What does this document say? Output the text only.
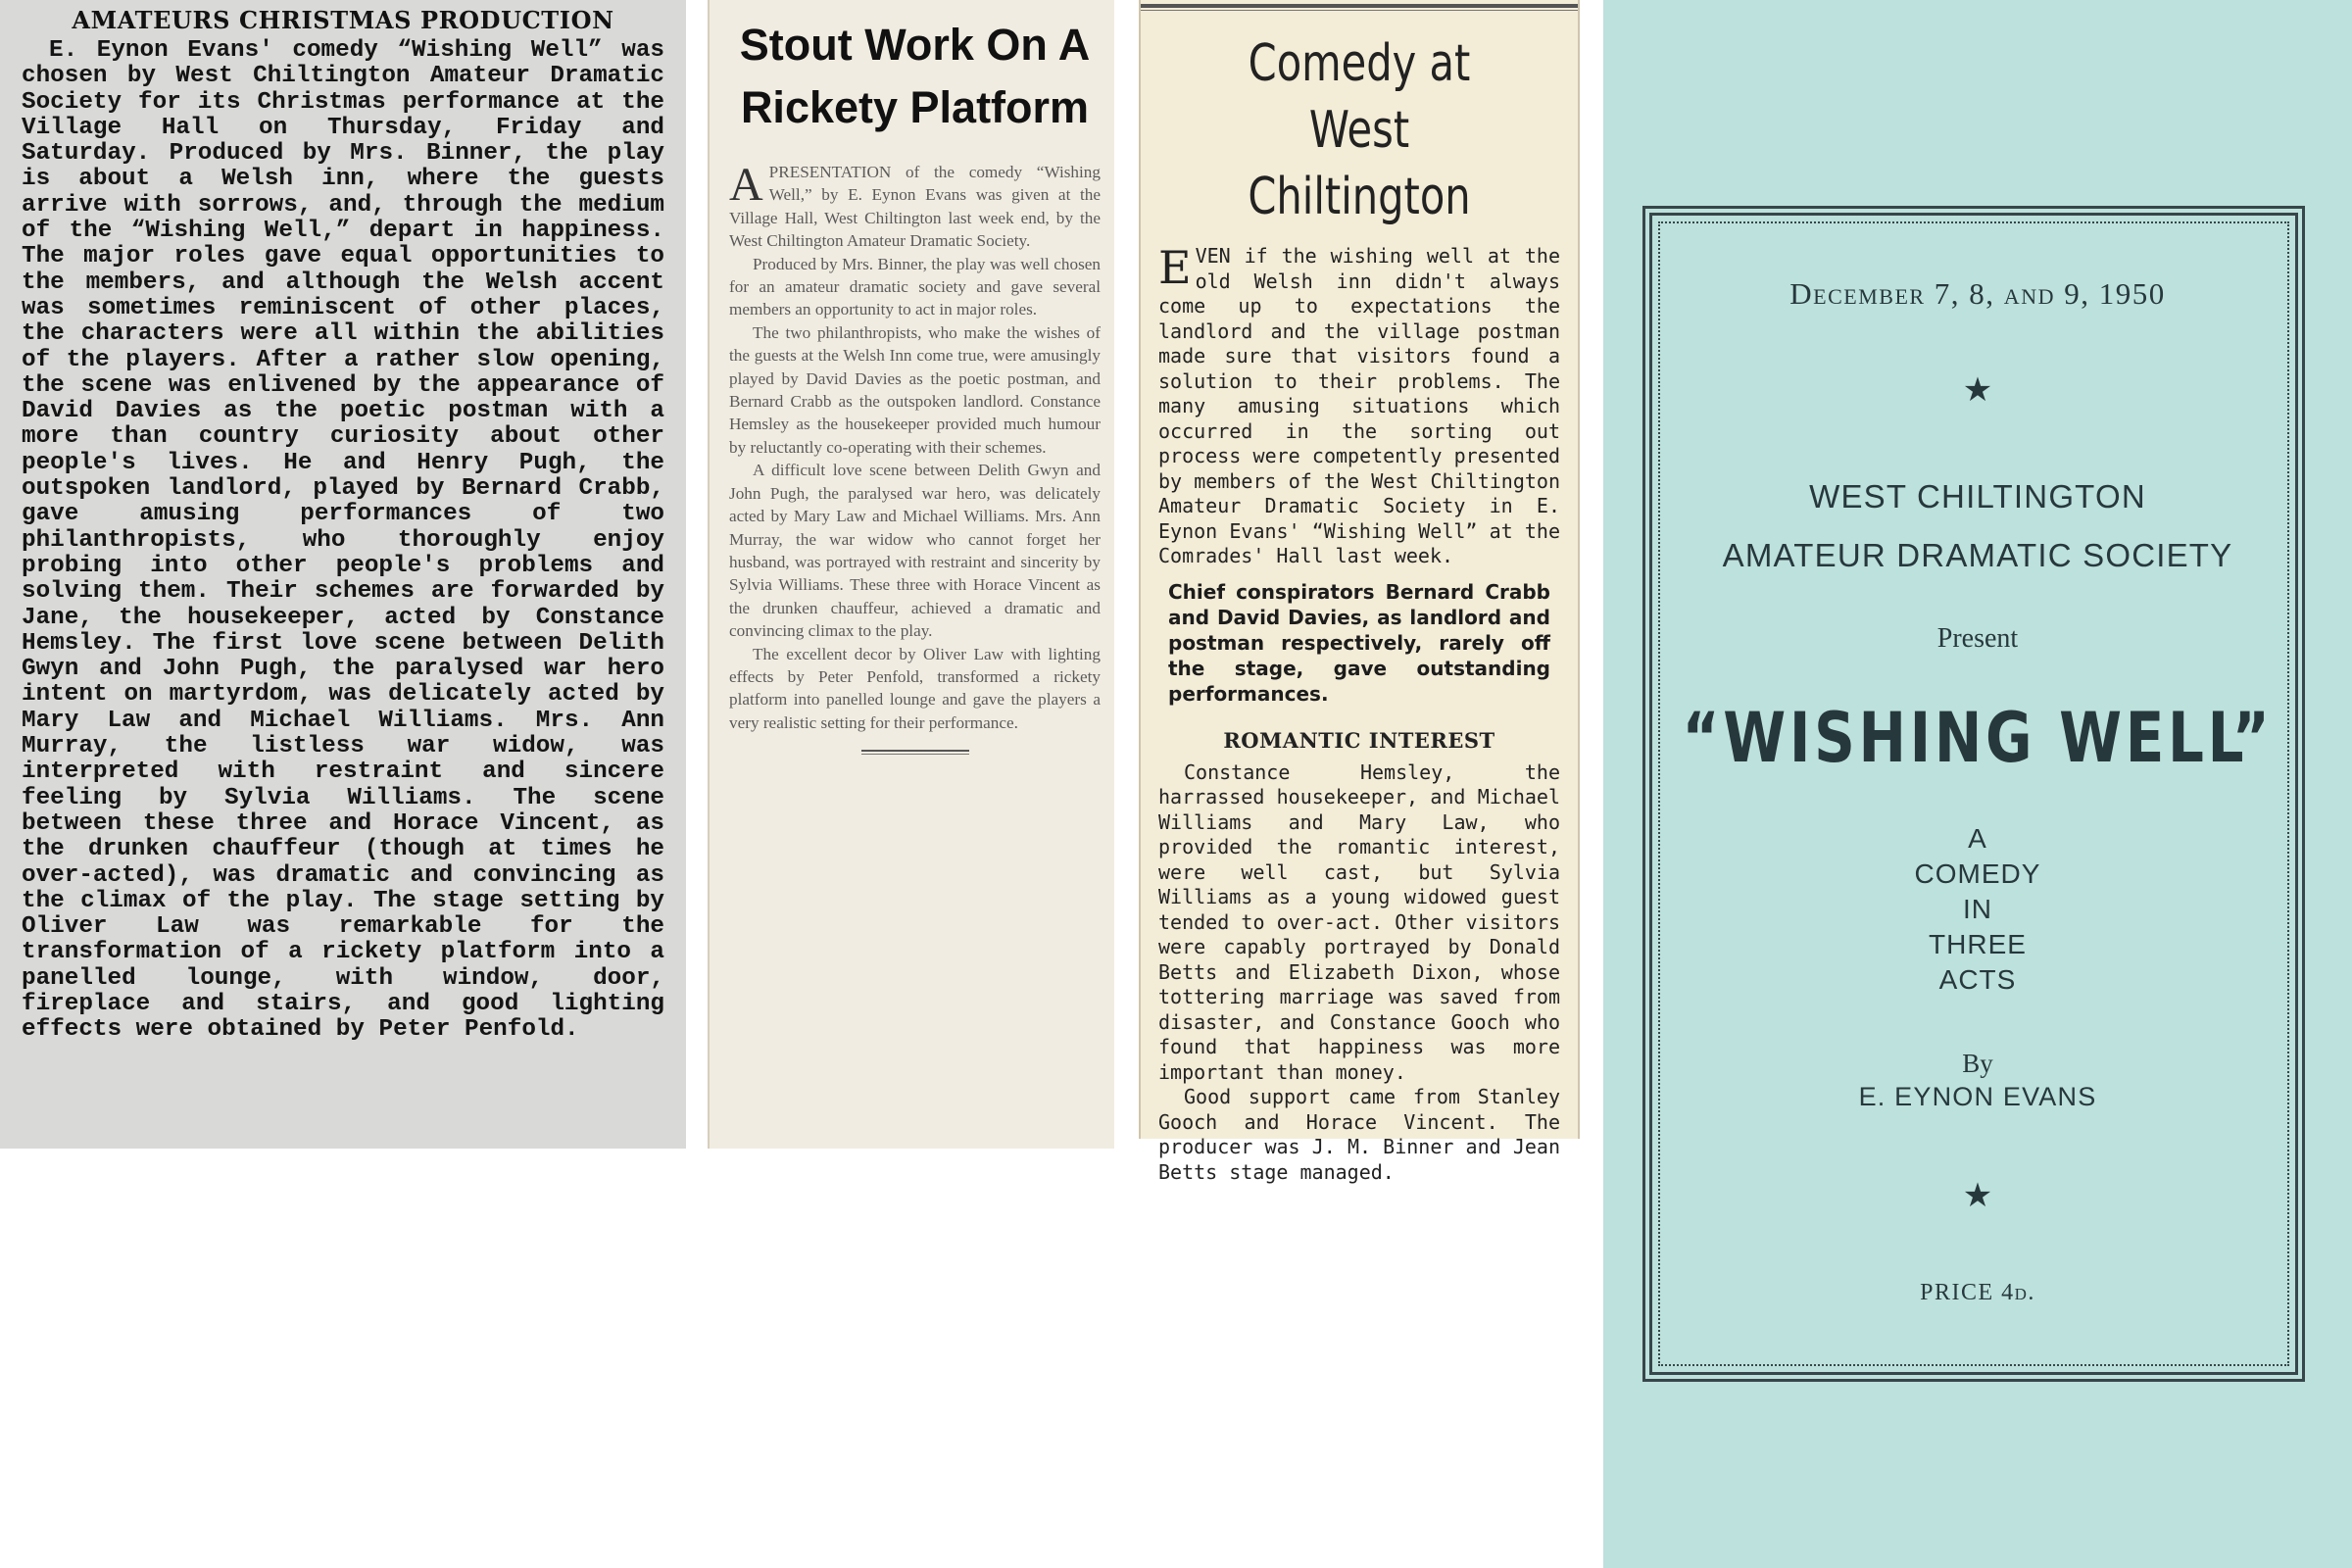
AMATEURS CHRISTMAS PRODUCTION

E. Eynon Evans' comedy “Wishing Well” was chosen by West Chiltington Amateur Dramatic Society for its Christmas performance at the Village Hall on Thursday, Friday and Saturday. Produced by Mrs. Binner, the play is about a Welsh inn, where the guests arrive with sorrows, and, through the medium of the “Wishing Well,” depart in happiness. The major roles gave equal opportunities to the members, and although the Welsh accent was sometimes reminiscent of other places, the characters were all within the abilities of the players. After a rather slow opening, the scene was enlivened by the appearance of David Davies as the poetic postman with a more than country curiosity about other people's lives. He and Henry Pugh, the outspoken landlord, played by Bernard Crabb, gave amusing performances of two philanthropists, who thoroughly enjoy probing into other people's problems and solving them. Their schemes are forwarded by Jane, the housekeeper, acted by Constance Hemsley. The first love scene between Delith Gwyn and John Pugh, the paralysed war hero intent on martyrdom, was delicately acted by Mary Law and Michael Williams. Mrs. Ann Murray, the listless war widow, was interpreted with restraint and sincere feeling by Sylvia Williams. The scene between these three and Horace Vincent, as the drunken chauffeur (though at times he over-acted), was dramatic and convincing as the climax of the play. The stage setting by Oliver Law was remarkable for the transformation of a rickety platform into a panelled lounge, with window, door, fireplace and stairs, and good lighting effects were obtained by Peter Penfold.

Stout Work On A Rickety Platform

APRESENTATION of the comedy “Wishing Well,” by E. Eynon Evans was given at the Village Hall, West Chiltington last week end, by the West Chiltington Amateur Dramatic Society.

Produced by Mrs. Binner, the play was well chosen for an amateur dramatic society and gave several members an opportunity to act in major roles.

The two philanthropists, who make the wishes of the guests at the Welsh Inn come true, were amusingly played by David Davies as the poetic postman, and Bernard Crabb as the outspoken landlord. Constance Hemsley as the housekeeper provided much humour by reluctantly co-operating with their schemes.

A difficult love scene between Delith Gwyn and John Pugh, the paralysed war hero, was delicately acted by Mary Law and Michael Williams. Mrs. Ann Murray, the war widow who cannot forget her husband, was portrayed with restraint and sincerity by Sylvia Williams. These three with Horace Vincent as the drunken chauffeur, achieved a dramatic and convincing climax to the play.

The excellent decor by Oliver Law with lighting effects by Peter Penfold, transformed a rickety platform into panelled lounge and gave the players a very realistic setting for their performance.

Comedy at West Chiltington

EVEN if the wishing well at the old Welsh inn didn't always come up to expectations the landlord and the village postman made sure that visitors found a solution to their problems. The many amusing situations which occurred in the sorting out process were competently presented by members of the West Chiltington Amateur Dramatic Society in E. Eynon Evans' “Wishing Well” at the Comrades' Hall last week.

Chief conspirators Bernard Crabb and David Davies, as landlord and postman respectively, rarely off the stage, gave outstanding performances.

ROMANTIC INTEREST

Constance Hemsley, the harrassed housekeeper, and Michael Williams and Mary Law, who provided the romantic interest, were well cast, but Sylvia Williams as a young widowed guest tended to over-act. Other visitors were capably portrayed by Donald Betts and Elizabeth Dixon, whose tottering marriage was saved from disaster, and Constance Gooch who found that happiness was more important than money.

Good support came from Stanley Gooch and Horace Vincent. The producer was J. M. Binner and Jean Betts stage managed.

December 7, 8, and 9, 1950
★
WEST CHILTINGTON
AMATEUR DRAMATIC SOCIETY
Present
“WISHING WELL”
A
COMEDY
IN
THREE
ACTS
By
E. EYNON EVANS
★
PRICE 4d.
